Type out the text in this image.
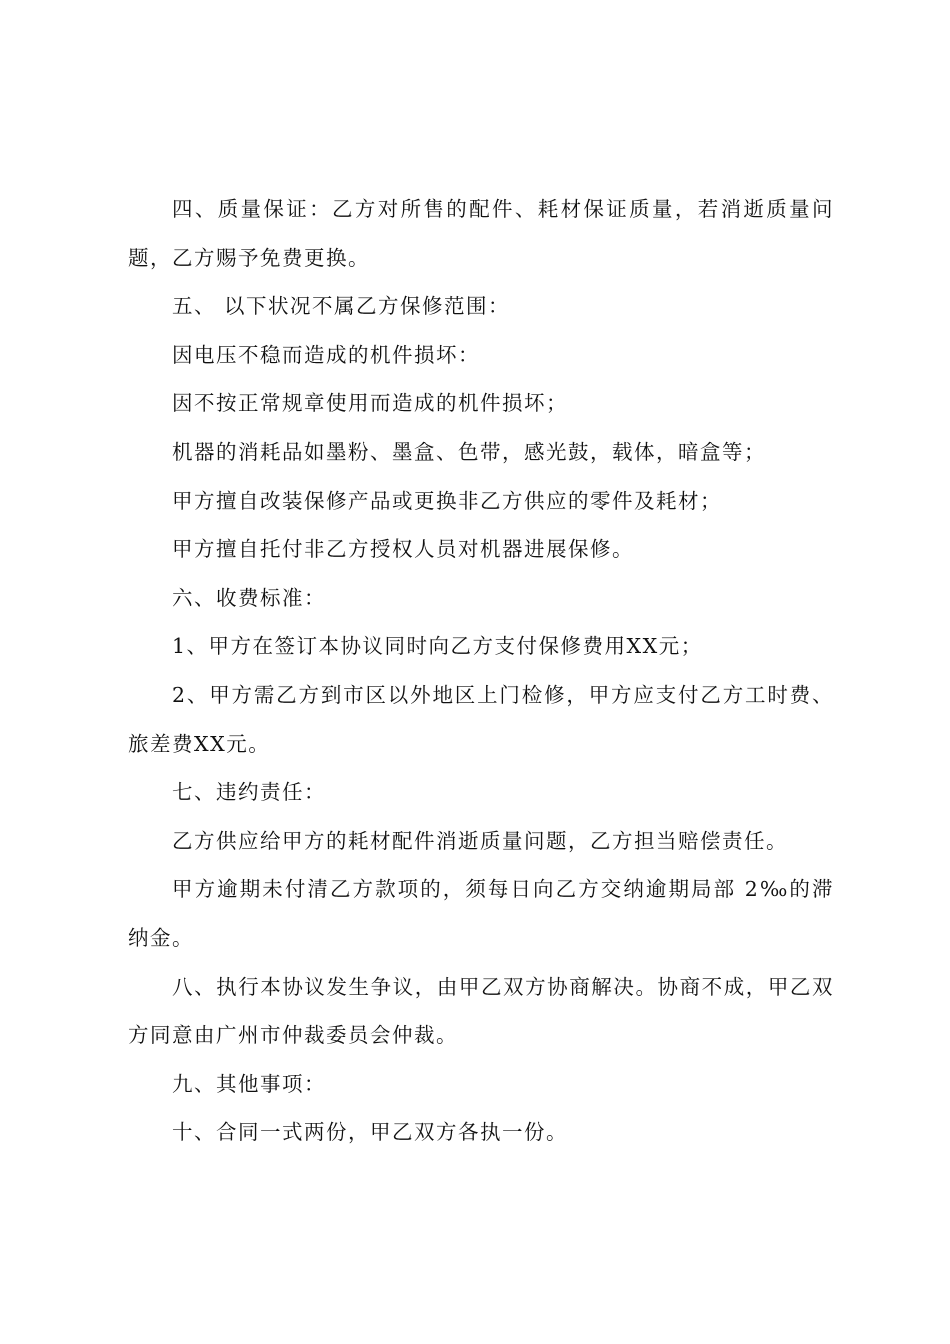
四、质量保证：乙方对所售的配件、耗材保证质量，若消逝质量问题，乙方赐予免费更换。

五、 以下状况不属乙方保修范围：

因电压不稳而造成的机件损坏：

因不按正常规章使用而造成的机件损坏；

机器的消耗品如墨粉、墨盒、色带，感光鼓，载体，暗盒等；

甲方擅自改装保修产品或更换非乙方供应的零件及耗材；

甲方擅自托付非乙方授权人员对机器进展保修。

六、收费标准：

1、甲方在签订本协议同时向乙方支付保修费用XX元；

2、甲方需乙方到市区以外地区上门检修，甲方应支付乙方工时费、旅差费XX元。

七、违约责任：

乙方供应给甲方的耗材配件消逝质量问题，乙方担当赔偿责任。

甲方逾期未付清乙方款项的，须每日向乙方交纳逾期局部 2‰的滞纳金。

八、执行本协议发生争议，由甲乙双方协商解决。协商不成，甲乙双方同意由广州市仲裁委员会仲裁。

九、其他事项：

十、合同一式两份，甲乙双方各执一份。
